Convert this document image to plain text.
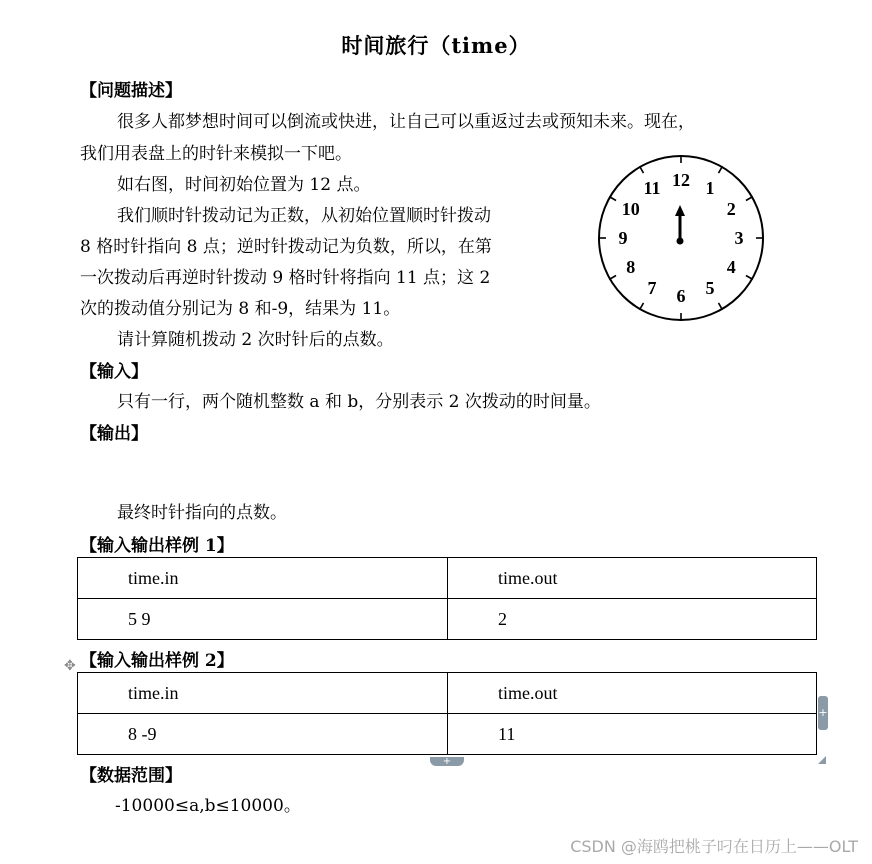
时间旅行（time）
【问题描述】
很多人都梦想时间可以倒流或快进，让自己可以重返过去或预知未来。现在，
我们用表盘上的时针来模拟一下吧。
如右图，时间初始位置为 12 点。
我们顺时针拨动记为正数，从初始位置顺时针拨动
8 格时针指向 8 点；逆时针拨动记为负数，所以，在第
一次拨动后再逆时针拨动 9 格时针将指向 11 点；这 2
次的拨动值分别记为 8 和-9，结果为 11。
请计算随机拨动 2 次时针后的点数。
12 1
2
3
4
5
6
7
8
9
10
11
【输入】
只有一行，两个随机整数 a 和 b，分别表示 2 次拨动的时间量。
【输出】
最终时针指向的点数。
【输入输出样例 1】
time.in	time.out
5 9	2
✥ 【输入输出样例 2】
time.in	time.out
8 -9	11
+
+
【数据范围】
-10000≤a,b≤10000。
CSDN @海鸥把桃子叼在日历上——OLT
